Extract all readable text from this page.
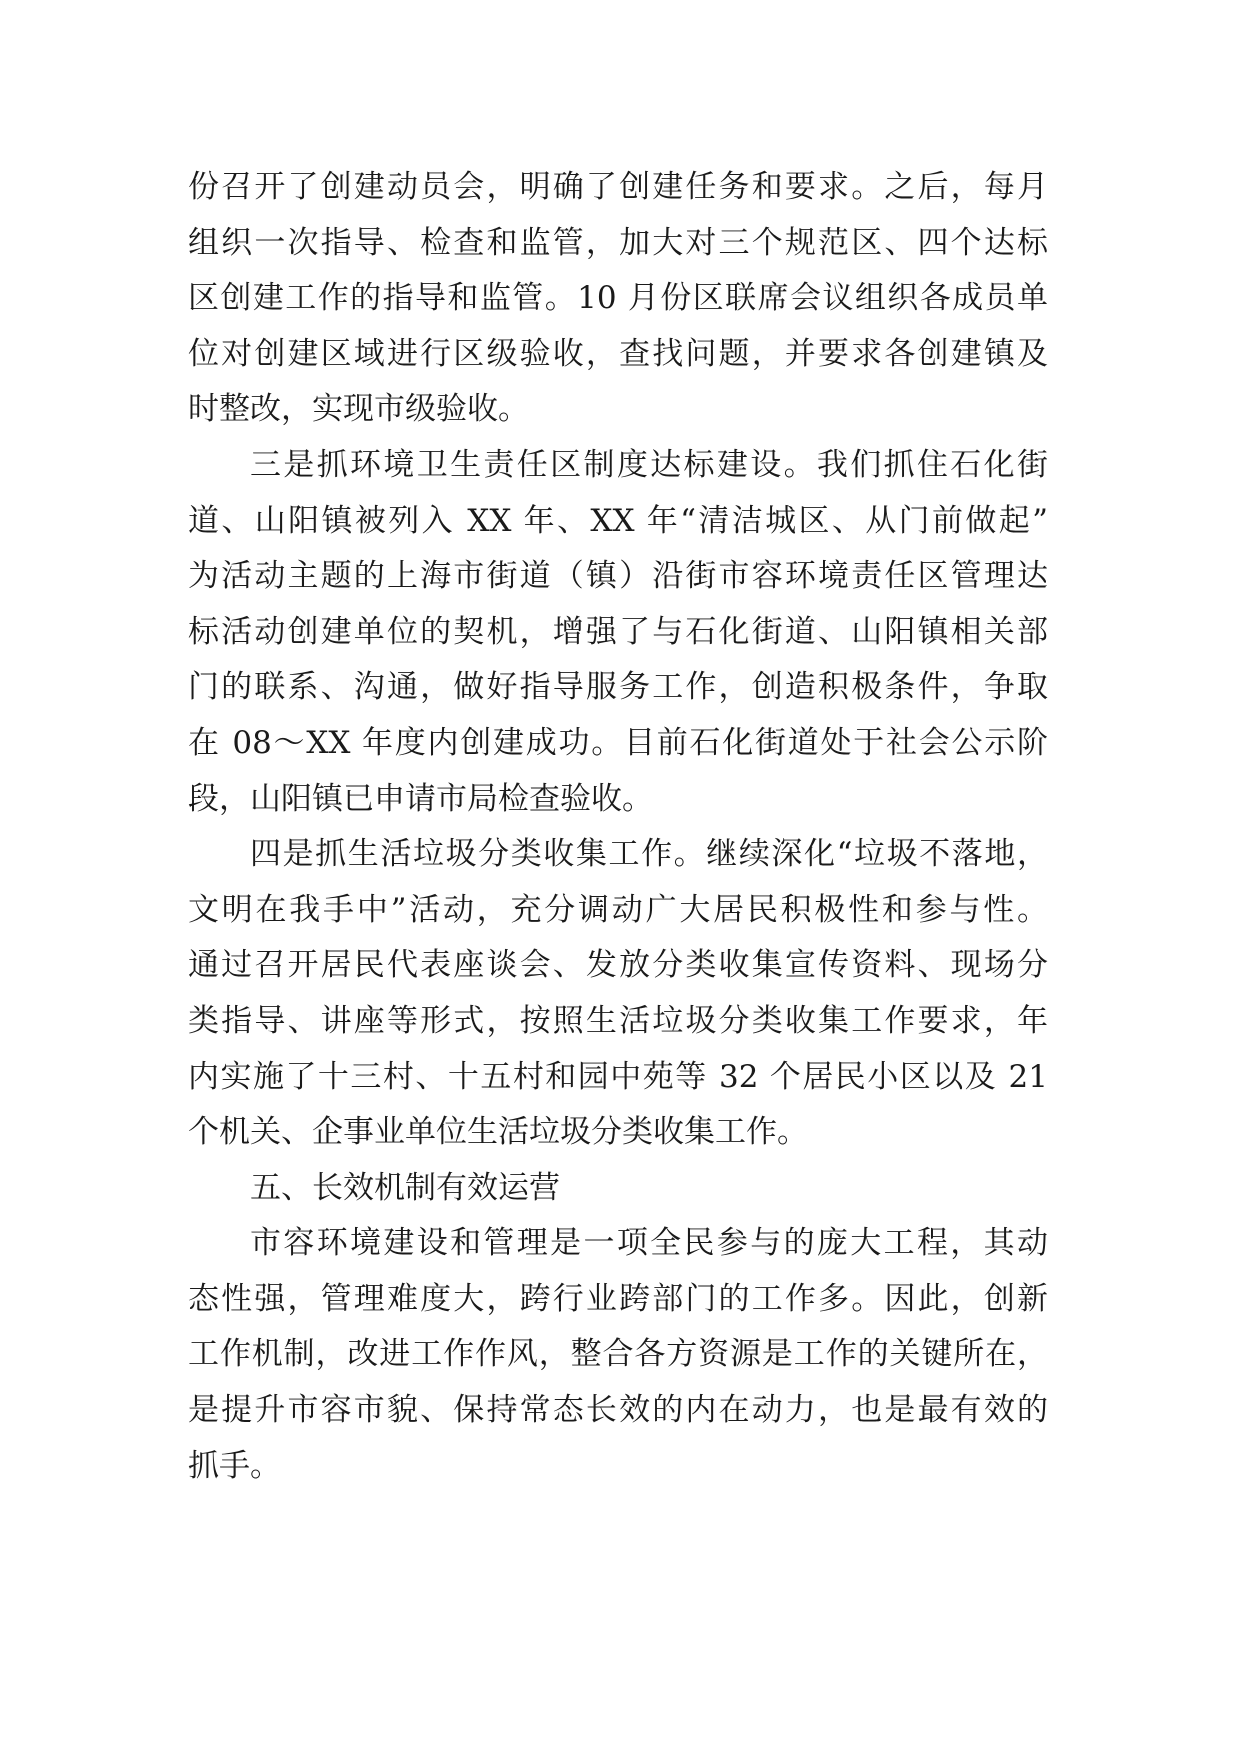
份召开了创建动员会，明确了创建任务和要求。之后，每月
组织一次指导、检查和监管，加大对三个规范区、四个达标
区创建工作的指导和监管。10 月份区联席会议组织各成员单
位对创建区域进行区级验收，查找问题，并要求各创建镇及
时整改，实现市级验收。
三是抓环境卫生责任区制度达标建设。我们抓住石化街
道、山阳镇被列入 XX 年、XX 年“清洁城区、从门前做起”
为活动主题的上海市街道（镇）沿街市容环境责任区管理达
标活动创建单位的契机，增强了与石化街道、山阳镇相关部
门的联系、沟通，做好指导服务工作，创造积极条件，争取
在 08～XX 年度内创建成功。目前石化街道处于社会公示阶
段，山阳镇已申请市局检查验收。
四是抓生活垃圾分类收集工作。继续深化“垃圾不落地，
文明在我手中”活动，充分调动广大居民积极性和参与性。
通过召开居民代表座谈会、发放分类收集宣传资料、现场分
类指导、讲座等形式，按照生活垃圾分类收集工作要求，年
内实施了十三村、十五村和园中苑等 32 个居民小区以及 21
个机关、企事业单位生活垃圾分类收集工作。
五、长效机制有效运营
市容环境建设和管理是一项全民参与的庞大工程，其动
态性强，管理难度大，跨行业跨部门的工作多。因此，创新
工作机制，改进工作作风，整合各方资源是工作的关键所在，
是提升市容市貌、保持常态长效的内在动力，也是最有效的
抓手。
